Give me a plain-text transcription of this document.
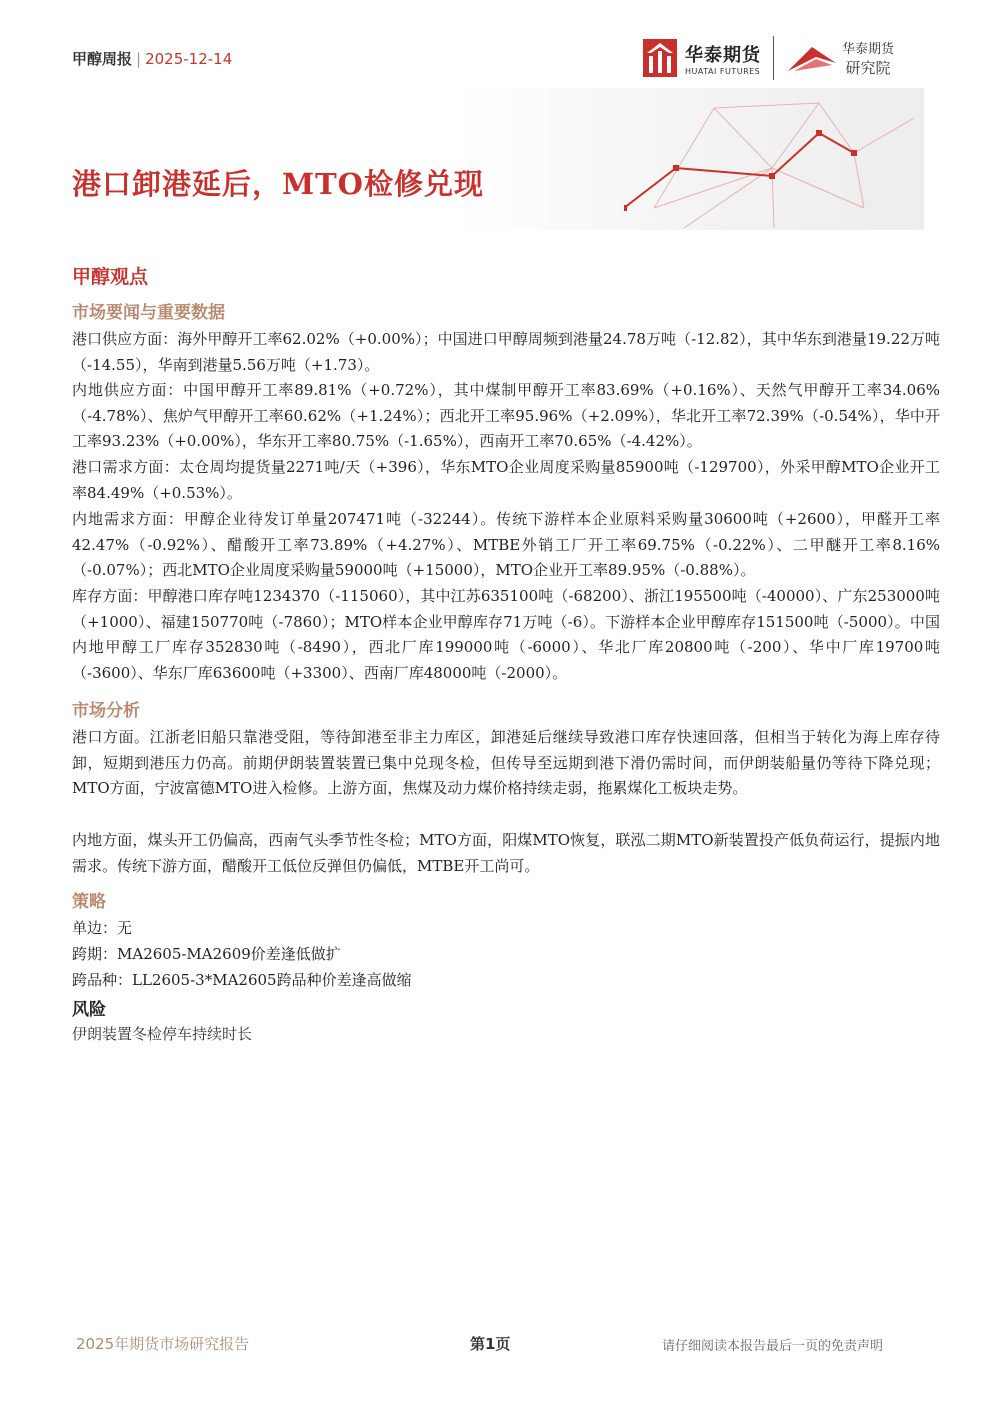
甲醇周报 | 2025-12-14	华泰期货
HUATAI FUTURES
华泰期货
研究院
港口卸港延后，MTO检修兑现
甲醇观点
市场要闻与重要数据
港口供应方面：海外甲醇开工率62.02%（+0.00%）；中国进口甲醇周频到港量24.78万吨（-12.82），其中华东到港量19.22万吨（-14.55），华南到港量5.56万吨（+1.73）。
内地供应方面：中国甲醇开工率89.81%（+0.72%），其中煤制甲醇开工率83.69%（+0.16%）、天然气甲醇开工率34.06%（-4.78%）、焦炉气甲醇开工率60.62%（+1.24%）；西北开工率95.96%（+2.09%），华北开工率72.39%（-0.54%），华中开工率93.23%（+0.00%），华东开工率80.75%（-1.65%），西南开工率70.65%（-4.42%）。
港口需求方面：太仓周均提货量2271吨/天（+396），华东MTO企业周度采购量85900吨（-129700），外采甲醇MTO企业开工率84.49%（+0.53%）。
内地需求方面：甲醇企业待发订单量207471吨（-32244）。传统下游样本企业原料采购量30600吨（+2600），甲醛开工率42.47%（-0.92%）、醋酸开工率73.89%（+4.27%）、MTBE外销工厂开工率69.75%（-0.22%）、二甲醚开工率8.16%（-0.07%）；西北MTO企业周度采购量59000吨（+15000），MTO企业开工率89.95%（-0.88%）。
库存方面：甲醇港口库存吨1234370（-115060），其中江苏635100吨（-68200）、浙江195500吨（-40000）、广东253000吨（+1000）、福建150770吨（-7860）；MTO样本企业甲醇库存71万吨（-6）。下游样本企业甲醇库存151500吨（-5000）。中国内地甲醇工厂库存352830吨（-8490），西北厂库199000吨（-6000）、华北厂库20800吨（-200）、华中厂库19700吨（-3600）、华东厂库63600吨（+3300）、西南厂库48000吨（-2000）。
市场分析
港口方面。江浙老旧船只靠港受阻，等待卸港至非主力库区，卸港延后继续导致港口库存快速回落，但相当于转化为海上库存待卸，短期到港压力仍高。前期伊朗装置装置已集中兑现冬检，但传导至远期到港下滑仍需时间，而伊朗装船量仍等待下降兑现；MTO方面，宁波富德MTO进入检修。上游方面，焦煤及动力煤价格持续走弱，拖累煤化工板块走势。
内地方面，煤头开工仍偏高，西南气头季节性冬检；MTO方面，阳煤MTO恢复，联泓二期MTO新装置投产低负荷运行，提振内地需求。传统下游方面，醋酸开工低位反弹但仍偏低，MTBE开工尚可。
策略
单边：无
跨期：MA2605-MA2609价差逢低做扩
跨品种：LL2605-3*MA2605跨品种价差逢高做缩
风险
伊朗装置冬检停车持续时长
2025年期货市场研究报告	第1页	请仔细阅读本报告最后一页的免责声明
